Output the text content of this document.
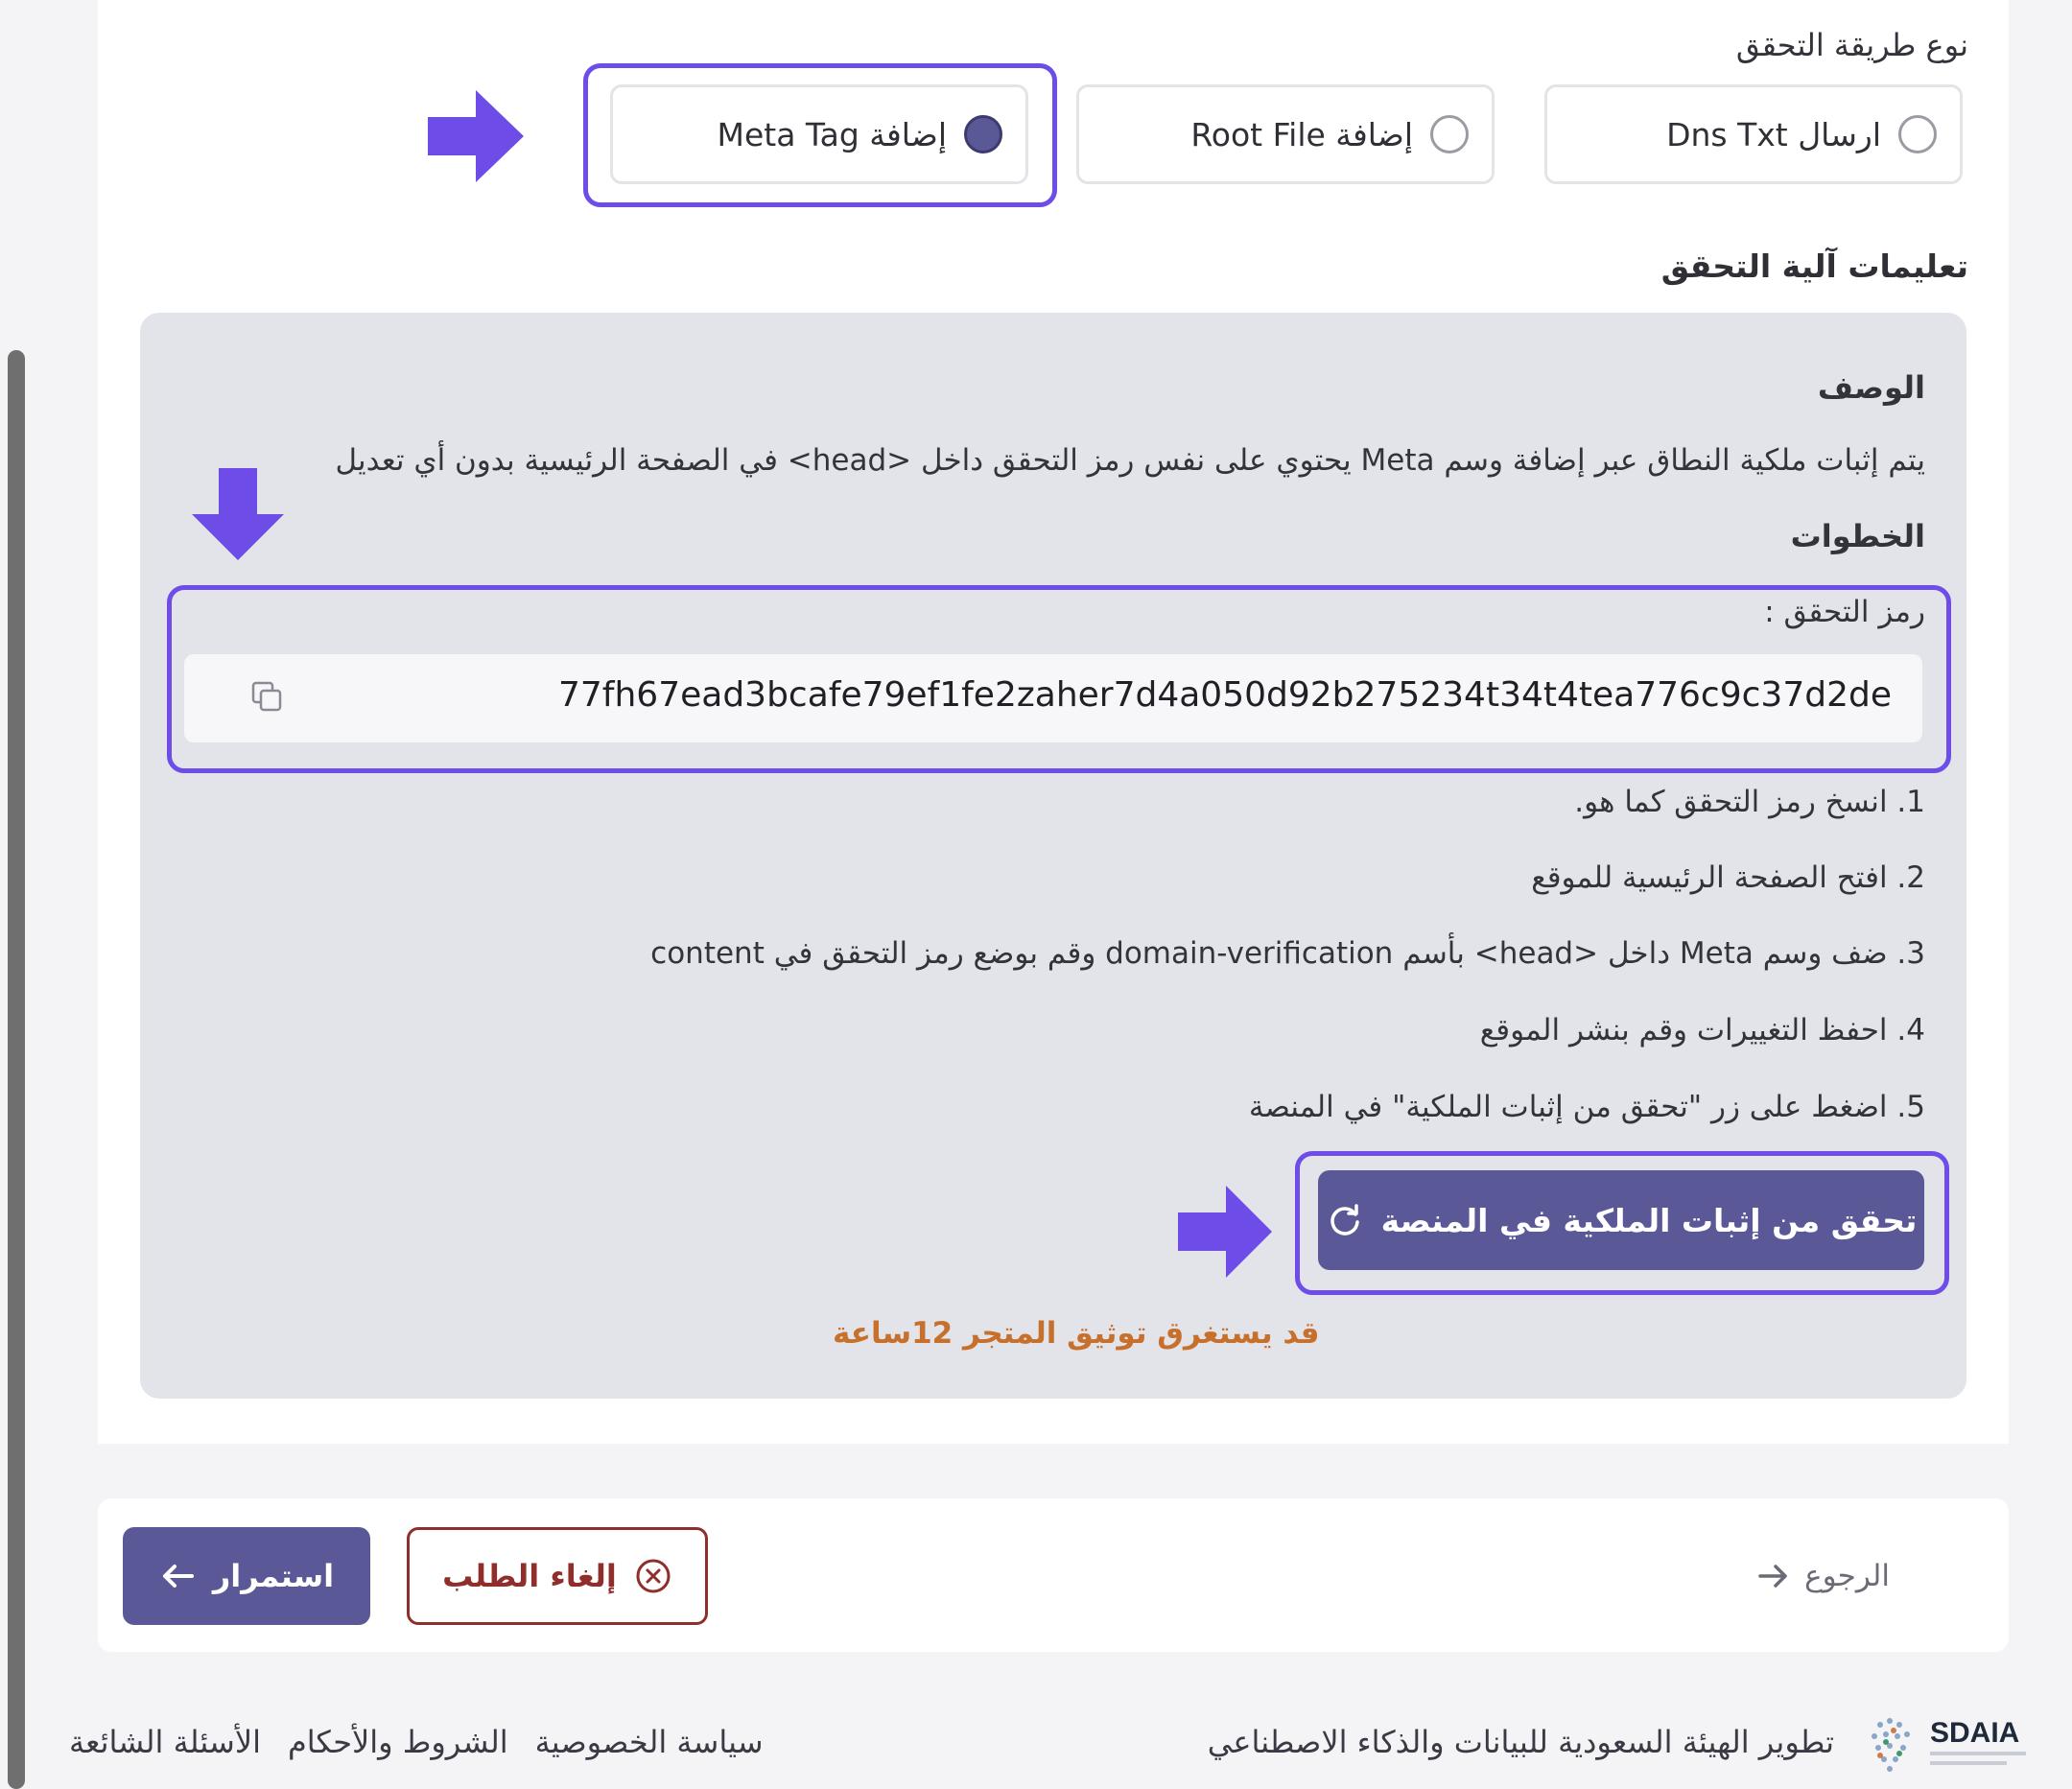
نوع طريقة التحقق
ارسال Dns Txt
إضافة Root File
إضافة Meta Tag
تعليمات آلية التحقق
الوصف
يتم إثبات ملكية النطاق عبر إضافة وسم Meta يحتوي على نفس رمز التحقق داخل <head> في الصفحة الرئيسية بدون أي تعديل
الخطوات
رمز التحقق :
77fh67ead3bcafe79ef1fe2zaher7d4a050d92b275234t34t4tea776c9c37d2de
1. انسخ رمز التحقق كما هو.
2. افتح الصفحة الرئيسية للموقع
3. ضف وسم Meta داخل <head> بأسم domain-verification وقم بوضع رمز التحقق في content
4. احفظ التغييرات وقم بنشر الموقع
5. اضغط على زر "تحقق من إثبات الملكية" في المنصة
تحقق من إثبات الملكية في المنصة
قد يستغرق توثيق المتجر 12ساعة
الرجوع
إلغاء الطلب
استمرار
تطوير الهيئة السعودية للبيانات والذكاء الاصطناعي
سياسة الخصوصية
الشروط والأحكام
الأسئلة الشائعة	SDAIA
